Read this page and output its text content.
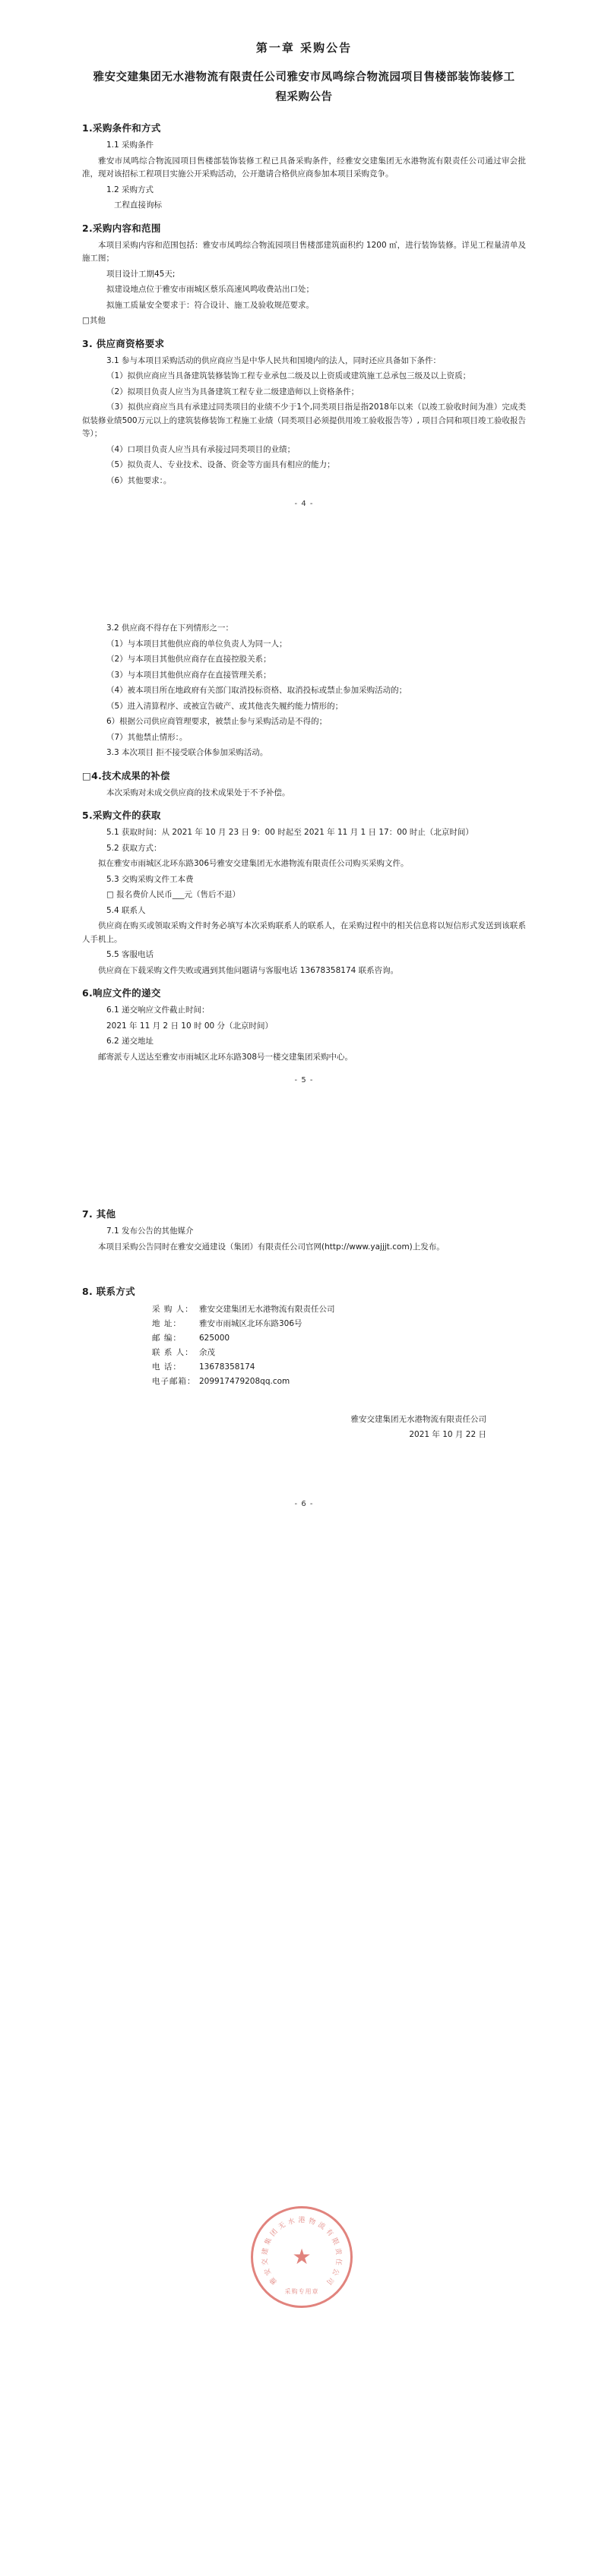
第一章 采购公告
雅安交建集团无水港物流有限责任公司雅安市凤鸣综合物流园项目售楼部装饰装修工程采购公告
1.采购条件和方式

1.1 采购条件

雅安市凤鸣综合物流园项目售楼部装饰装修工程已具备采购条件，经雅安交建集团无水港物流有限责任公司通过审会批准，现对该招标工程项目实施公开采购活动，公开邀请合格供应商参加本项目采购竞争。

1.2 采购方式

工程直接询标

2.采购内容和范围

本项目采购内容和范围包括：雅安市凤鸣综合物流园项目售楼部建筑面积约 1200 ㎡，进行装饰装修。详见工程量清单及施工图；

项目设计工期45天;

拟建设地点位于雅安市雨城区蔡乐高速风鸣收费站出口处；

拟施工质量安全要求于：符合设计、施工及验收规范要求。

□其他

3. 供应商资格要求

3.1 参与本项目采购活动的供应商应当是中华人民共和国境内的法人，同时还应具备如下条件：

（1）拟供应商应当具备建筑装修装饰工程专业承包二级及以上资质或建筑施工总承包三级及以上资质；

（2）拟项目负责人应当为具备建筑工程专业二级建造师以上资格条件；

（3）拟供应商应当具有承建过同类项目的业绩不少于1个,同类项目指是指2018年以来（以竣工验收时间为准）完成类似装修业绩500万元以上的建筑装修装饰工程施工业绩（同类项目必须提供用竣工验收报告等）, 项目合同和项目竣工验收报告等）；

（4）口项目负责人应当具有承接过同类项目的业绩；

（5）拟负责人、专业技术、设备、资金等方面具有相应的能力；

（6）其他要求：。

- 4 -

3.2 供应商不得存在下列情形之一：

（1）与本项目其他供应商的单位负责人为同一人；

（2）与本项目其他供应商存在直接控股关系；

（3）与本项目其他供应商存在直接管理关系；

（4）被本项目所在地政府有关部门取消投标资格、取消投标或禁止参加采购活动的；

（5）进入清算程序、或被宣告破产、或其他丧失履约能力情形的；

6）根据公司供应商管理要求，被禁止参与采购活动是不得的；

（7）其他禁止情形：。

3.3 本次项目 拒不接受联合体参加采购活动。

□4.技术成果的补偿

本次采购对未成交供应商的技术成果处于不予补偿。

5.采购文件的获取

5.1 获取时间：从 2021 年 10 月 23 日 9：00 时起至 2021 年 11 月 1 日 17：00 时止（北京时间）

5.2 获取方式：

拟在雅安市雨城区北环东路306号雅安交建集团无水港物流有限责任公司购买采购文件。

5.3 交购采购文件工本费

□ 报名费价人民币___元（售后不退）

5.4 联系人

供应商在购买或领取采购文件时务必填写本次采购联系人的联系人，在采购过程中的相关信息将以短信形式发送到该联系人手机上。

5.5 客服电话

供应商在下载采购文件失败或遇到其他问题请与客服电话 13678358174 联系咨询。

6.响应文件的递交

6.1 递交响应文件截止时间：

2021 年 11 月 2 日 10 时 00 分（北京时间）

6.2 递交地址

邮寄派专人送达至雅安市雨城区北环东路308号一楼交建集团采购中心。

- 5 -
7. 其他

7.1 发布公告的其他媒介

本项目采购公告同时在雅安交通建设（集团）有限责任公司官网(http://www.yajjjt.com)上发布。

8. 联系方式
采 购 人： 雅安交建集团无水港物流有限责任公司
地 址：	雅安市雨城区北环东路306号
邮 编：	625000
联 系 人： 余茂
电 话：	13678358174
电子邮箱： 209917479208qq.com
雅安交建集团无水港物流有限责任公司
2021 年 10 月 22 日
- 6 -
雅
安
交
建
集
团
无 水 港 物 流
有
限
责
任
公
司
★
采购专用章
